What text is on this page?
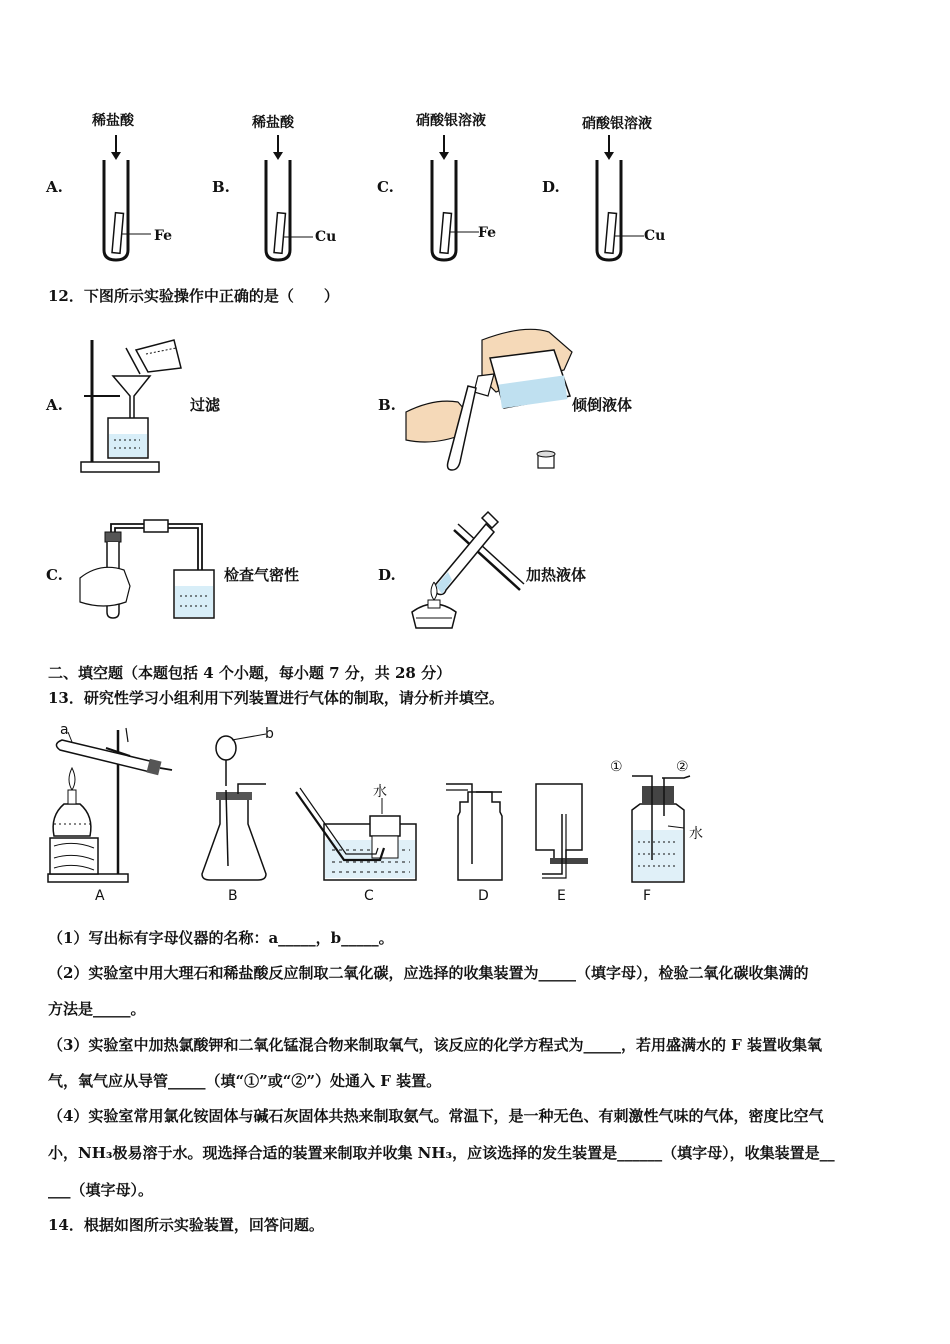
A.
稀盐酸
Fe
B.
稀盐酸
Cu
C.
硝酸银溶液
Fe
D.
硝酸银溶液
Cu
12．下图所示实验操作中正确的是（　　）
A.	过滤	B.	倾倒液体
C.	检查气密性	D.	加热液体
二、填空题（本题包括 4 个小题，每小题 7 分，共 28 分）
13．研究性学习小组利用下列装置进行气体的制取，请分析并填空。
a	b
水
①	②
水
A	B	C	D	E	F
（1）写出标有字母仪器的名称：a_____，b_____。
（2）实验室中用大理石和稀盐酸反应制取二氧化碳，应选择的收集装置为_____（填字母），检验二氧化碳收集满的
方法是_____。
（3）实验室中加热氯酸钾和二氧化锰混合物来制取氧气，该反应的化学方程式为_____，若用盛满水的 F 装置收集氧
气，氧气应从导管_____（填“①”或“②”）处通入 F 装置。
（4）实验室常用氯化铵固体与碱石灰固体共热来制取氨气。常温下，是一种无色、有刺激性气味的气体，密度比空气
小，NH₃极易溶于水。现选择合适的装置来制取并收集 NH₃，应该选择的发生装置是______（填字母），收集装置是__
___（填字母）。
14．根据如图所示实验装置，回答问题。
